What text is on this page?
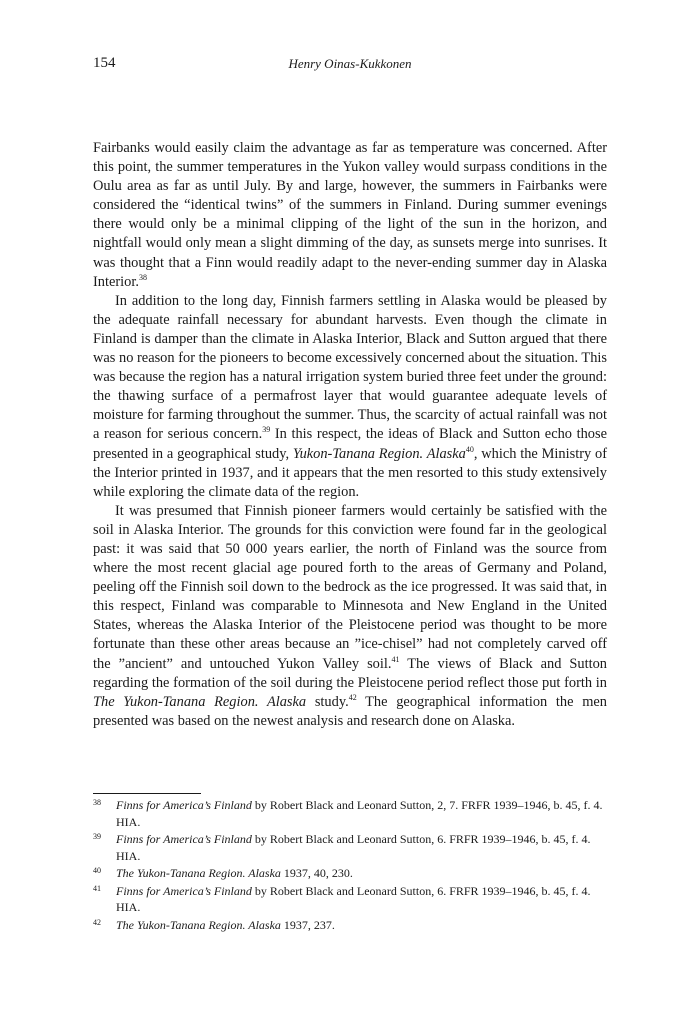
154	Henry Oinas-Kukkonen

Fairbanks would easily claim the advantage as far as temperature was concerned. After this point, the summer temperatures in the Yukon valley would surpass conditions in the Oulu area as far as until July. By and large, however, the summers in Fairbanks were considered the “identical twins” of the summers in Finland. During summer evenings there would only be a minimal clipping of the light of the sun in the horizon, and nightfall would only mean a slight dimming of the day, as sunsets merge into sunrises. It was thought that a Finn would readily adapt to the never-ending summer day in Alaska Interior.$^{38}$

In addition to the long day, Finnish farmers settling in Alaska would be pleased by the adequate rainfall necessary for abundant harvests. Even though the climate in Finland is damper than the climate in Alaska Interior, Black and Sutton argued that there was no reason for the pioneers to become excessively concerned about the situation. This was because the region has a natural irrigation system buried three feet under the ground: the thawing surface of a permafrost layer that would guarantee adequate levels of moisture for farming throughout the summer. Thus, the scarcity of actual rainfall was not a reason for serious concern.$^{39}$ In this respect, the ideas of Black and Sutton echo those presented in a geographical study, Yukon-Tanana Region. Alaska$^{40}$, which the Ministry of the Interior printed in 1937, and it appears that the men resorted to this study extensively while exploring the climate data of the region.

It was presumed that Finnish pioneer farmers would certainly be satisfied with the soil in Alaska Interior. The grounds for this conviction were found far in the geological past: it was said that 50 000 years earlier, the north of Finland was the source from where the most recent glacial age poured forth to the areas of Germany and Poland, peeling off the Finnish soil down to the bedrock as the ice progressed. It was said that, in this respect, Finland was comparable to Minnesota and New England in the United States, whereas the Alaska Interior of the Pleistocene period was thought to be more fortunate than these other areas because an ”ice-chisel” had not completely carved off the ”ancient” and untouched Yukon Valley soil.$^{41}$ The views of Black and Sutton regarding the formation of the soil during the Pleistocene period reflect those put forth in The Yukon-Tanana Region. Alaska study.$^{42}$ The geographical information the men presented was based on the newest analysis and research done on Alaska.

38 Finns for America’s Finland by Robert Black and Leonard Sutton, 2, 7. FRFR 1939–1946, b. 45, f. 4. HIA.
39 Finns for America’s Finland by Robert Black and Leonard Sutton, 6. FRFR 1939–1946, b. 45, f. 4. HIA.
40 The Yukon-Tanana Region. Alaska 1937, 40, 230.
41 Finns for America’s Finland by Robert Black and Leonard Sutton, 6. FRFR 1939–1946, b. 45, f. 4. HIA.
42 The Yukon-Tanana Region. Alaska 1937, 237.
